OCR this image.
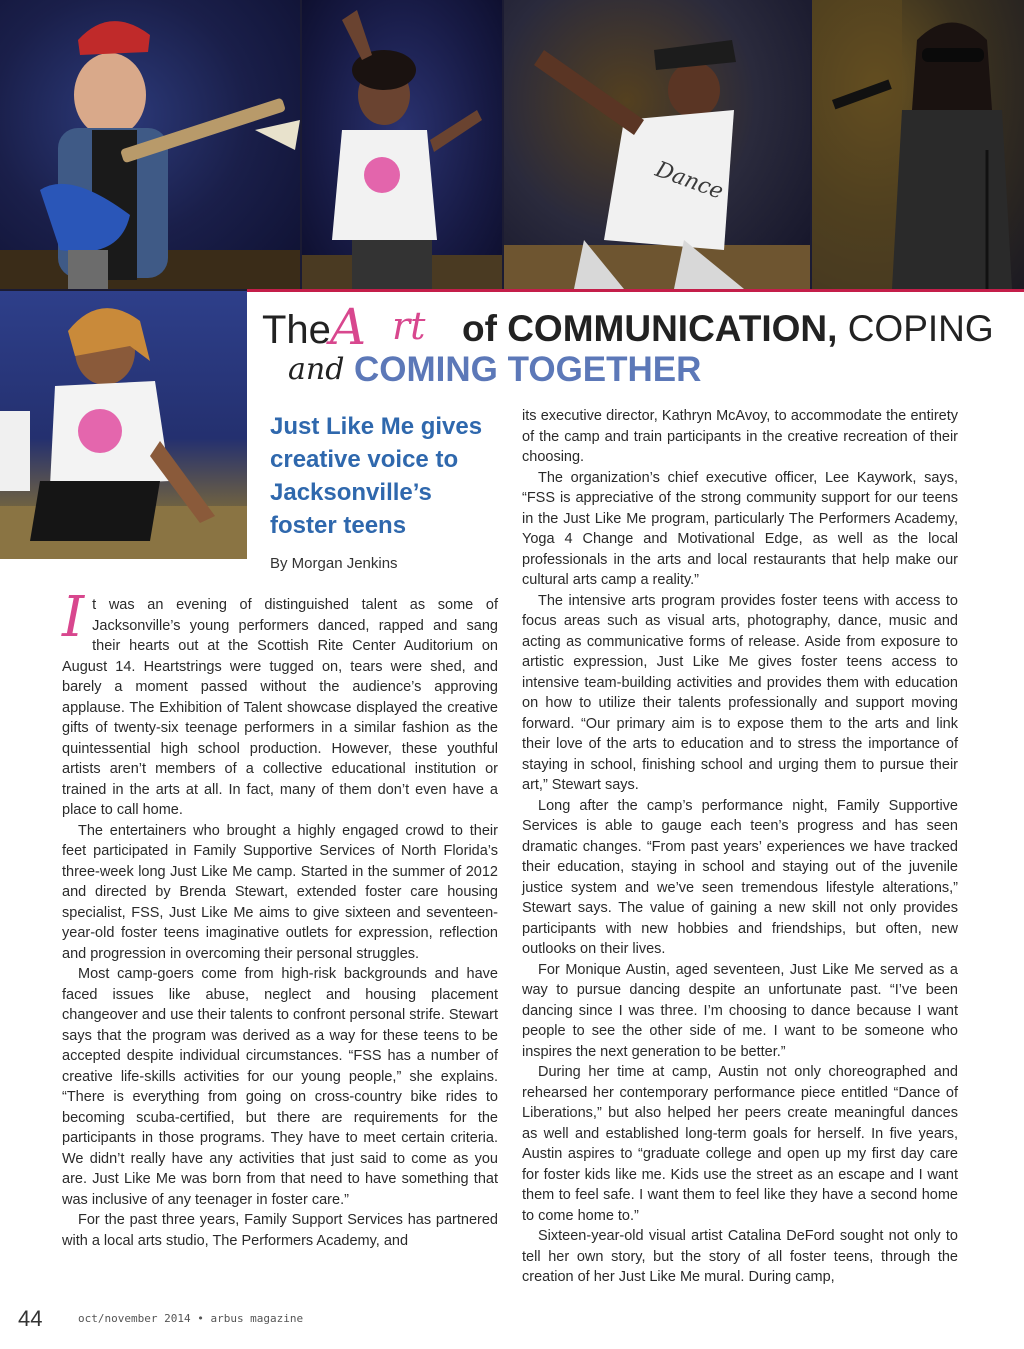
Dance
The A rt of COMMUNICATION, COPING
and COMING TOGETHER
Just Like Me gives
creative voice to
Jacksonville’s
foster teens
By Morgan Jenkins

It was an evening of distinguished talent as some of Jacksonville’s young performers danced, rapped and sang their hearts out at the Scottish Rite Center Auditorium on August 14. Heartstrings were tugged on, tears were shed, and barely a moment passed without the audience’s approving applause. The Exhibition of Talent showcase displayed the creative gifts of twenty-six teenage performers in a similar fashion as the quintessential high school production. However, these youthful artists aren’t members of a collective educational institution or trained in the arts at all. In fact, many of them don’t even have a place to call home.

The entertainers who brought a highly engaged crowd to their feet participated in Family Supportive Services of North Florida’s three-week long Just Like Me camp. Started in the summer of 2012 and directed by Brenda Stewart, extended foster care housing specialist, FSS, Just Like Me aims to give sixteen and seventeen-year-old foster teens imaginative outlets for expression, reflection and progression in overcoming their personal struggles.

Most camp-goers come from high-risk backgrounds and have faced issues like abuse, neglect and housing placement changeover and use their talents to confront personal strife. Stewart says that the program was derived as a way for these teens to be accepted despite individual circumstances. “FSS has a number of creative life-skills activities for our young people,” she explains. “There is everything from going on cross-country bike rides to becoming scuba-certified, but there are requirements for the participants in those programs. They have to meet certain criteria. We didn’t really have any activities that just said to come as you are. Just Like Me was born from that need to have something that was inclusive of any teenager in foster care.”

For the past three years, Family Support Services has partnered with a local arts studio, The Performers Academy, and

its executive director, Kathryn McAvoy, to accommodate the entirety of the camp and train participants in the creative recreation of their choosing.

The organization’s chief executive officer, Lee Kaywork, says, “FSS is appreciative of the strong community support for our teens in the Just Like Me program, particularly The Performers Academy, Yoga 4 Change and Motivational Edge, as well as the local professionals in the arts and local restaurants that help make our cultural arts camp a reality.”

The intensive arts program provides foster teens with access to focus areas such as visual arts, photography, dance, music and acting as communicative forms of release. Aside from exposure to artistic expression, Just Like Me gives foster teens access to intensive team-building activities and provides them with education on how to utilize their talents professionally and support moving forward. “Our primary aim is to expose them to the arts and link their love of the arts to education and to stress the importance of staying in school, finishing school and urging them to pursue their art,” Stewart says.

Long after the camp’s performance night, Family Supportive Services is able to gauge each teen’s progress and has seen dramatic changes. “From past years’ experiences we have tracked their education, staying in school and staying out of the juvenile justice system and we’ve seen tremendous lifestyle alterations,” Stewart says. The value of gaining a new skill not only provides participants with new hobbies and friendships, but often, new outlooks on their lives.

For Monique Austin, aged seventeen, Just Like Me served as a way to pursue dancing despite an unfortunate past. “I’ve been dancing since I was three. I’m choosing to dance because I want people to see the other side of me. I want to be someone who inspires the next generation to be better.”

During her time at camp, Austin not only choreographed and rehearsed her contemporary performance piece entitled “Dance of Liberations,” but also helped her peers create meaningful dances as well and established long-term goals for herself. In five years, Austin aspires to “graduate college and open up my first day care for foster kids like me. Kids use the street as an escape and I want them to feel safe. I want them to feel like they have a second home to come home to.”

Sixteen-year-old visual artist Catalina DeFord sought not only to tell her own story, but the story of all foster teens, through the creation of her Just Like Me mural. During camp,

44	oct/november 2014 • arbus magazine
